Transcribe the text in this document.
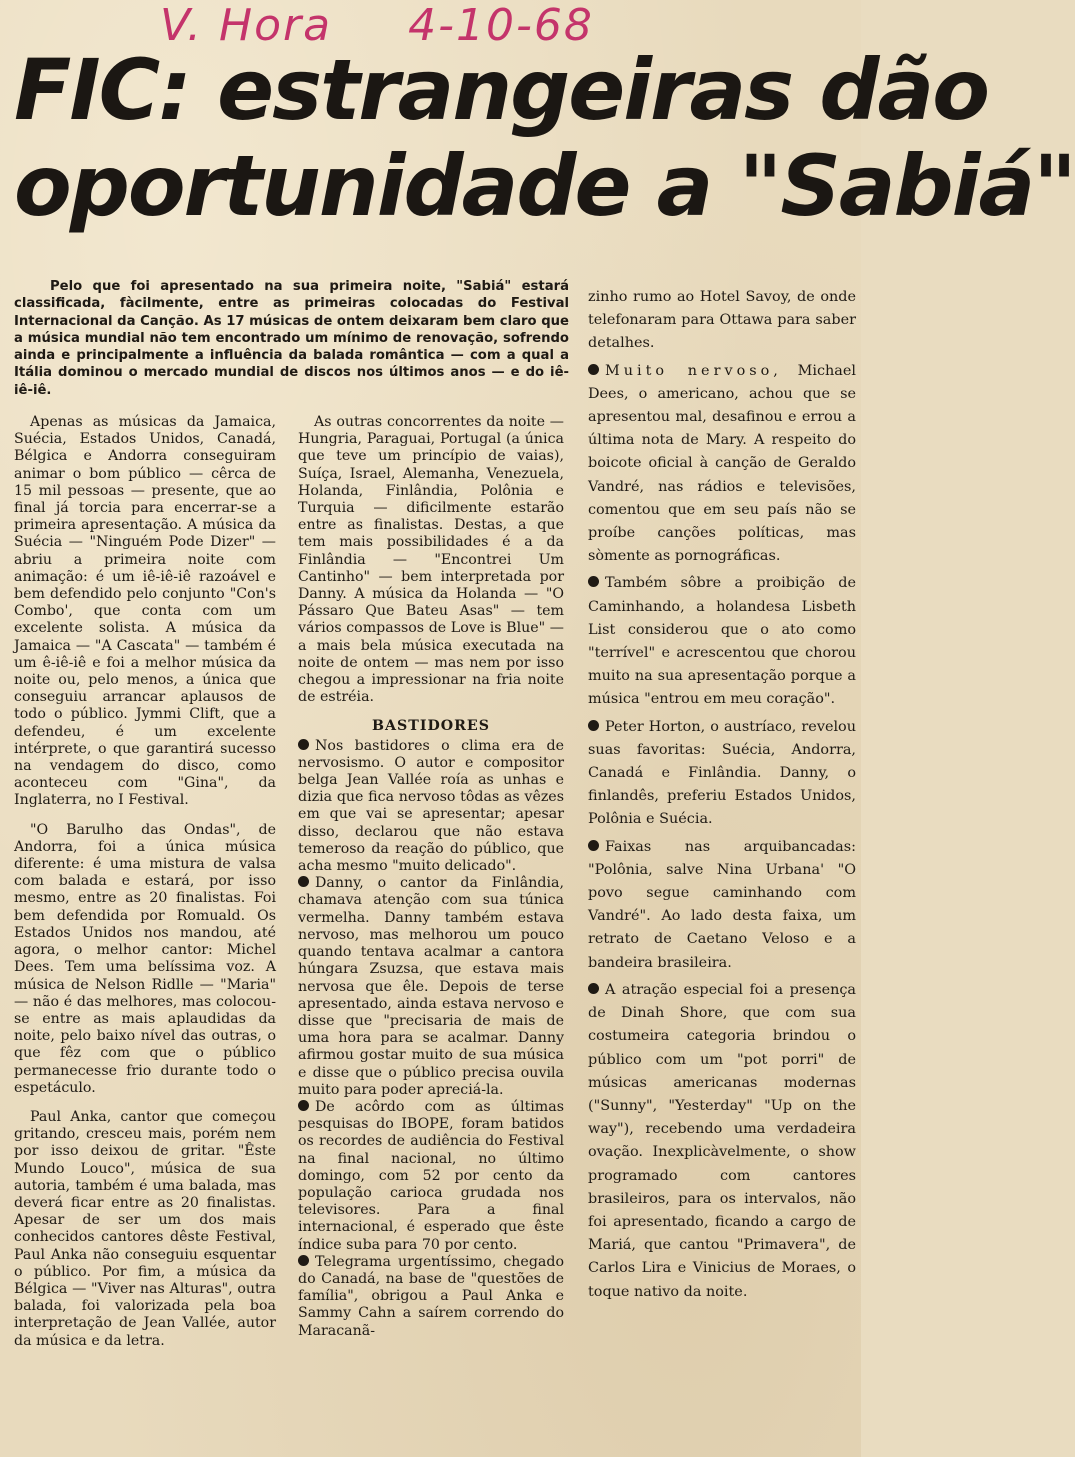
V. Hora 4-10-68
FIC: estrangeiras dão
oportunidade a "Sabiá"

Pelo que foi apresentado na sua primeira noite, "Sabiá" estará classificada, fàcilmente, entre as primeiras colocadas do Festival Internacional da Canção. As 17 músicas de ontem deixaram bem claro que a música mundial não tem encontrado um mínimo de renovação, sofrendo ainda e principalmente a influência da balada romântica — com a qual a Itália dominou o mercado mundial de discos nos últimos anos — e do iê-iê-iê.

Apenas as músicas da Jamaica, Suécia, Estados Unidos, Canadá, Bélgica e Andorra conseguiram animar o bom público — cêrca de 15 mil pessoas — presente, que ao final já torcia para encerrar-se a primeira apresentação. A música da Suécia — "Ninguém Pode Dizer" — abriu a primeira noite com animação: é um iê-iê-iê razoável e bem defendido pelo conjunto "Con's Combo', que conta com um excelente solista. A música da Jamaica — "A Cascata" — também é um ê-iê-iê e foi a melhor música da noite ou, pelo menos, a única que conseguiu arrancar aplausos de todo o público. Jymmi Clift, que a defendeu, é um excelente intérprete, o que garantirá sucesso na vendagem do disco, como aconteceu com "Gina", da Inglaterra, no I Festival.

"O Barulho das Ondas", de Andorra, foi a única música diferente: é uma mistura de valsa com balada e estará, por isso mesmo, entre as 20 finalistas. Foi bem defendida por Romuald. Os Estados Unidos nos mandou, até agora, o melhor cantor: Michel Dees. Tem uma belíssima voz. A música de Nelson Ridlle — "Maria" — não é das melhores, mas colocou-se entre as mais aplaudidas da noite, pelo baixo nível das outras, o que fêz com que o público permanecesse frio durante todo o espetáculo.

Paul Anka, cantor que começou gritando, cresceu mais, porém nem por isso deixou de gritar. "Êste Mundo Louco", música de sua autoria, também é uma balada, mas deverá ficar entre as 20 finalistas. Apesar de ser um dos mais conhecidos cantores dêste Festival, Paul Anka não conseguiu esquentar o público. Por fim, a música da Bélgica — "Viver nas Alturas", outra balada, foi valorizada pela boa interpretação de Jean Vallée, autor da música e da letra.

As outras concorrentes da noite — Hungria, Paraguai, Portugal (a única que teve um princípio de vaias), Suíça, Israel, Alemanha, Venezuela, Holanda, Finlândia, Polônia e Turquia — dificilmente estarão entre as finalistas. Destas, a que tem mais possibilidades é a da Finlândia — "Encontrei Um Cantinho" — bem interpretada por Danny. A música da Holanda — "O Pássaro Que Bateu Asas" — tem vários compassos de Love is Blue" — a mais bela música executada na noite de ontem — mas nem por isso chegou a impressionar na fria noite de estréia.

BASTIDORES

Nos bastidores o clima era de nervosismo. O autor e compositor belga Jean Vallée roía as unhas e dizia que fica nervoso tôdas as vêzes em que vai se apresentar; apesar disso, declarou que não estava temeroso da reação do público, que acha mesmo "muito delicado".

Danny, o cantor da Finlândia, chamava atenção com sua túnica vermelha. Danny também estava nervoso, mas melhorou um pouco quando tentava acalmar a cantora húngara Zsuzsa, que estava mais nervosa que êle. Depois de terse apresentado, ainda estava nervoso e disse que "precisaria de mais de uma hora para se acalmar. Danny afirmou gostar muito de sua música e disse que o público precisa ouvila muito para poder apreciá-la.

De acôrdo com as últimas pesquisas do IBOPE, foram batidos os recordes de audiência do Festival na final nacional, no último domingo, com 52 por cento da população carioca grudada nos televisores. Para a final internacional, é esperado que êste índice suba para 70 por cento.

Telegrama urgentíssimo, chegado do Canadá, na base de "questões de família", obrigou a Paul Anka e Sammy Cahn a saírem correndo do Maracanã-

zinho rumo ao Hotel Savoy, de onde telefonaram para Ottawa para saber detalhes.

Muito nervoso, Michael Dees, o americano, achou que se apresentou mal, desafinou e errou a última nota de Mary. A respeito do boicote oficial à canção de Geraldo Vandré, nas rádios e televisões, comentou que em seu país não se proíbe canções políticas, mas sòmente as pornográficas.

Também sôbre a proibição de Caminhando, a holandesa Lisbeth List considerou que o ato como "terrível" e acrescentou que chorou muito na sua apresentação porque a música "entrou em meu coração".

Peter Horton, o austríaco, revelou suas favoritas: Suécia, Andorra, Canadá e Finlândia. Danny, o finlandês, preferiu Estados Unidos, Polônia e Suécia.

Faixas nas arquibancadas: "Polônia, salve Nina Urbana' "O povo segue caminhando com Vandré". Ao lado desta faixa, um retrato de Caetano Veloso e a bandeira brasileira.

A atração especial foi a presença de Dinah Shore, que com sua costumeira categoria brindou o público com um "pot porri" de músicas americanas modernas ("Sunny", "Yesterday" "Up on the way"), recebendo uma verdadeira ovação. Inexplicàvelmente, o show programado com cantores brasileiros, para os intervalos, não foi apresentado, ficando a cargo de Mariá, que cantou "Primavera", de Carlos Lira e Vinicius de Moraes, o toque nativo da noite.
